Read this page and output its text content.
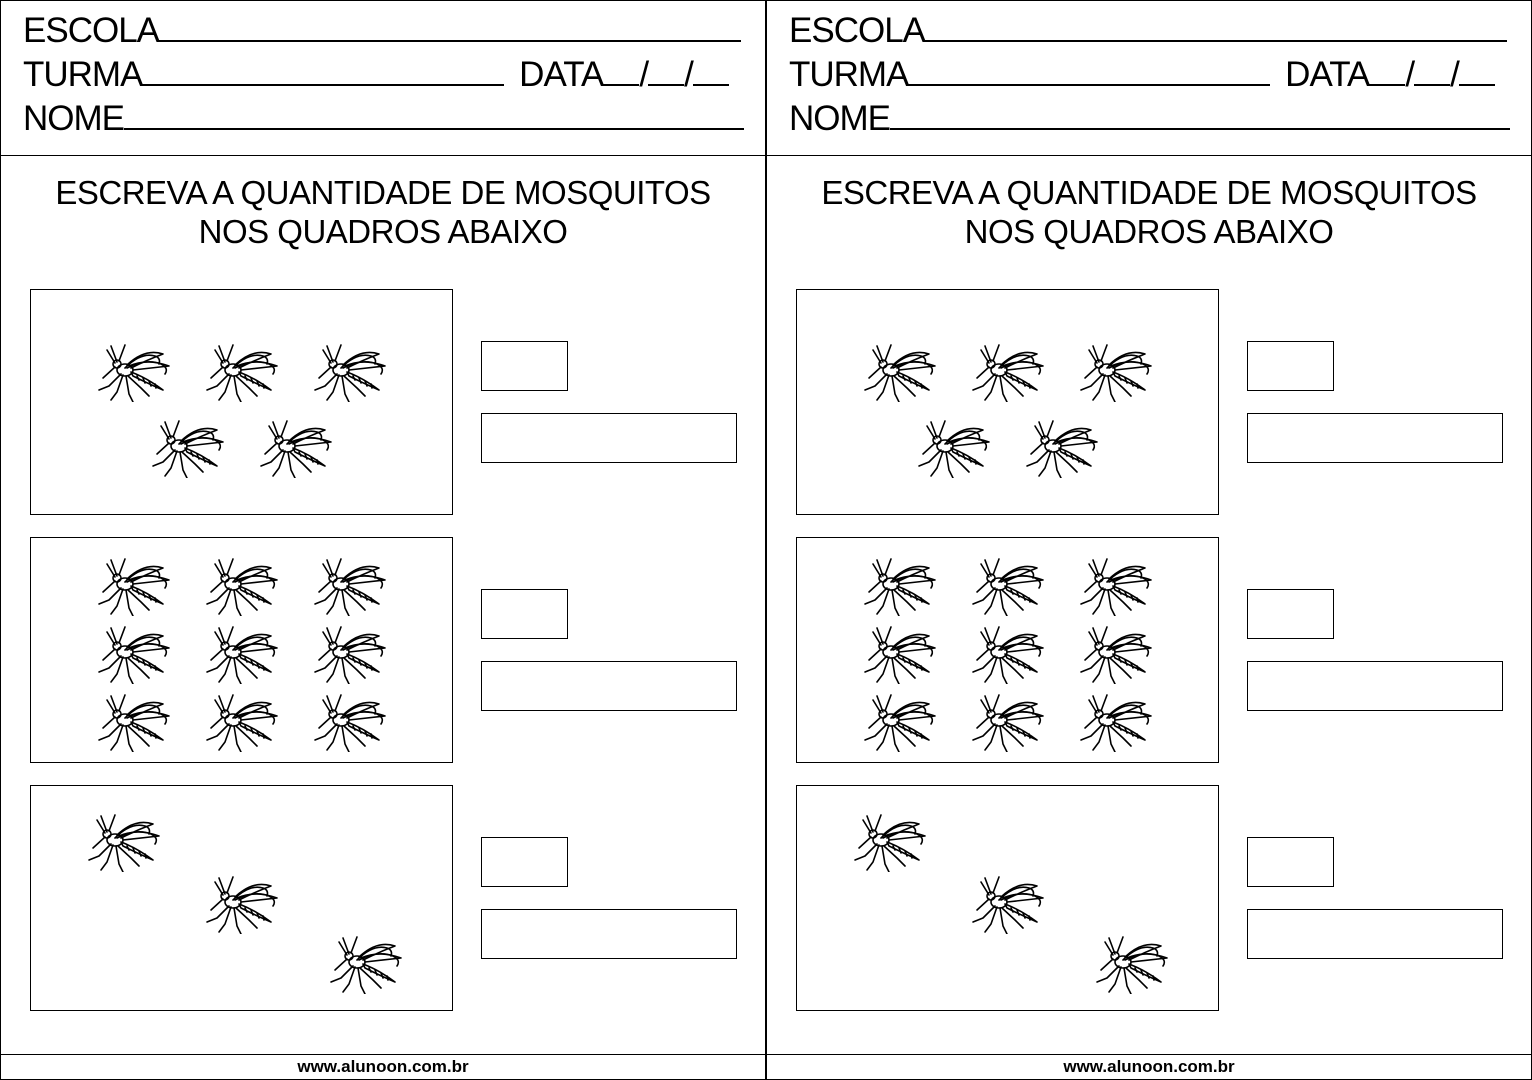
ESCOLA
TURMA	DATA / /
NOME
ESCREVA A QUANTIDADE DE MOSQUITOS
NOS QUADROS ABAIXO
www.alunoon.com.br
ESCOLA
TURMA	DATA / /
NOME
ESCREVA A QUANTIDADE DE MOSQUITOS
NOS QUADROS ABAIXO
www.alunoon.com.br
